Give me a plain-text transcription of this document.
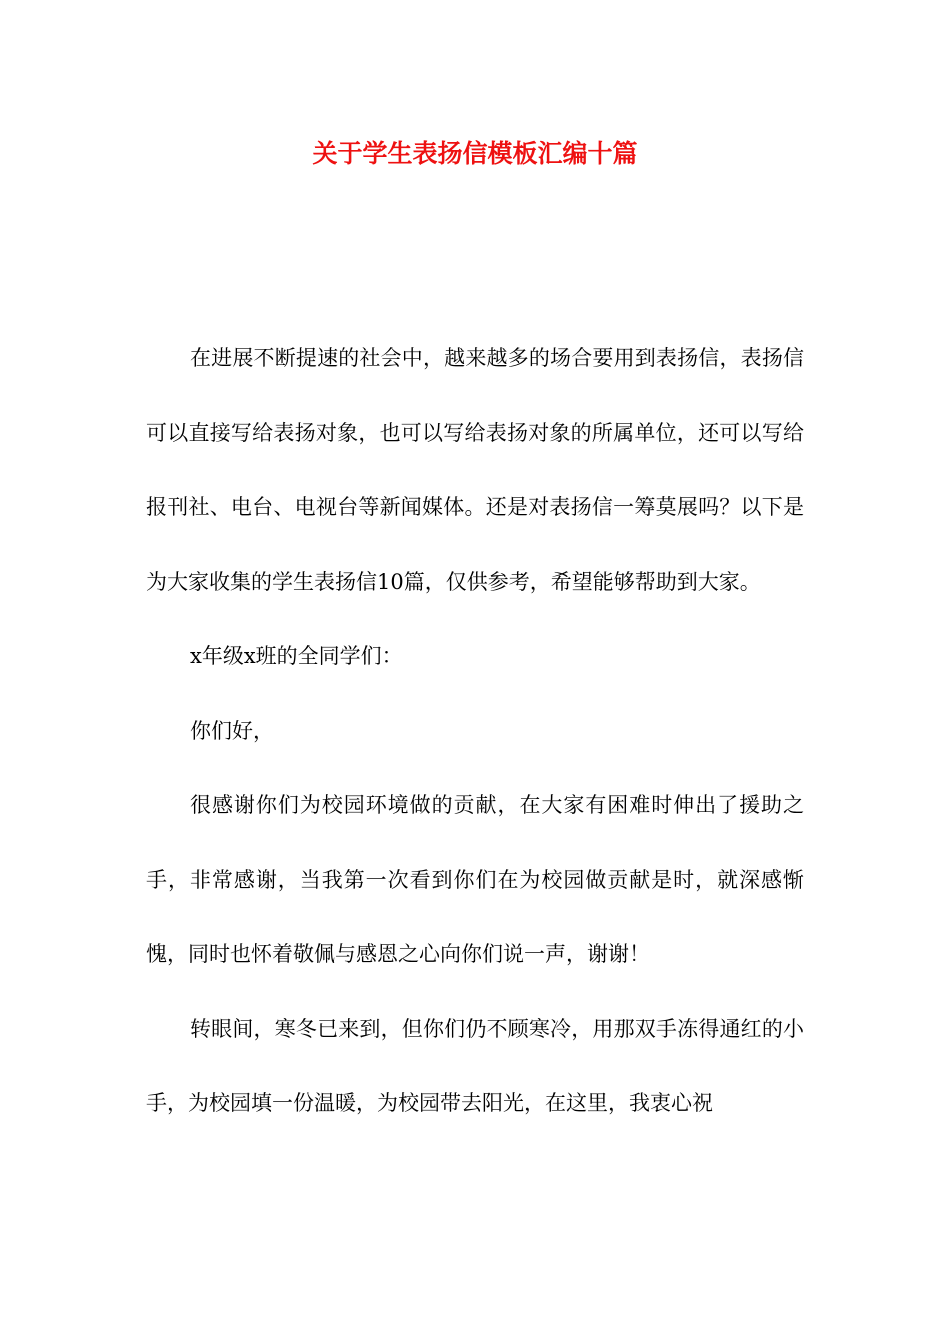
关于学生表扬信模板汇编十篇

在进展不断提速的社会中，越来越多的场合要用到表扬信，表扬信可以直接写给表扬对象，也可以写给表扬对象的所属单位，还可以写给报刊社、电台、电视台等新闻媒体。还是对表扬信一筹莫展吗？以下是为大家收集的学生表扬信10篇，仅供参考，希望能够帮助到大家。

x年级x班的全同学们：

你们好，

很感谢你们为校园环境做的贡献，在大家有困难时伸出了援助之手，非常感谢，当我第一次看到你们在为校园做贡献是时，就深感惭愧，同时也怀着敬佩与感恩之心向你们说一声，谢谢！

转眼间，寒冬已来到，但你们仍不顾寒冷，用那双手冻得通红的小手，为校园填一份温暖，为校园带去阳光，在这里，我衷心祝
